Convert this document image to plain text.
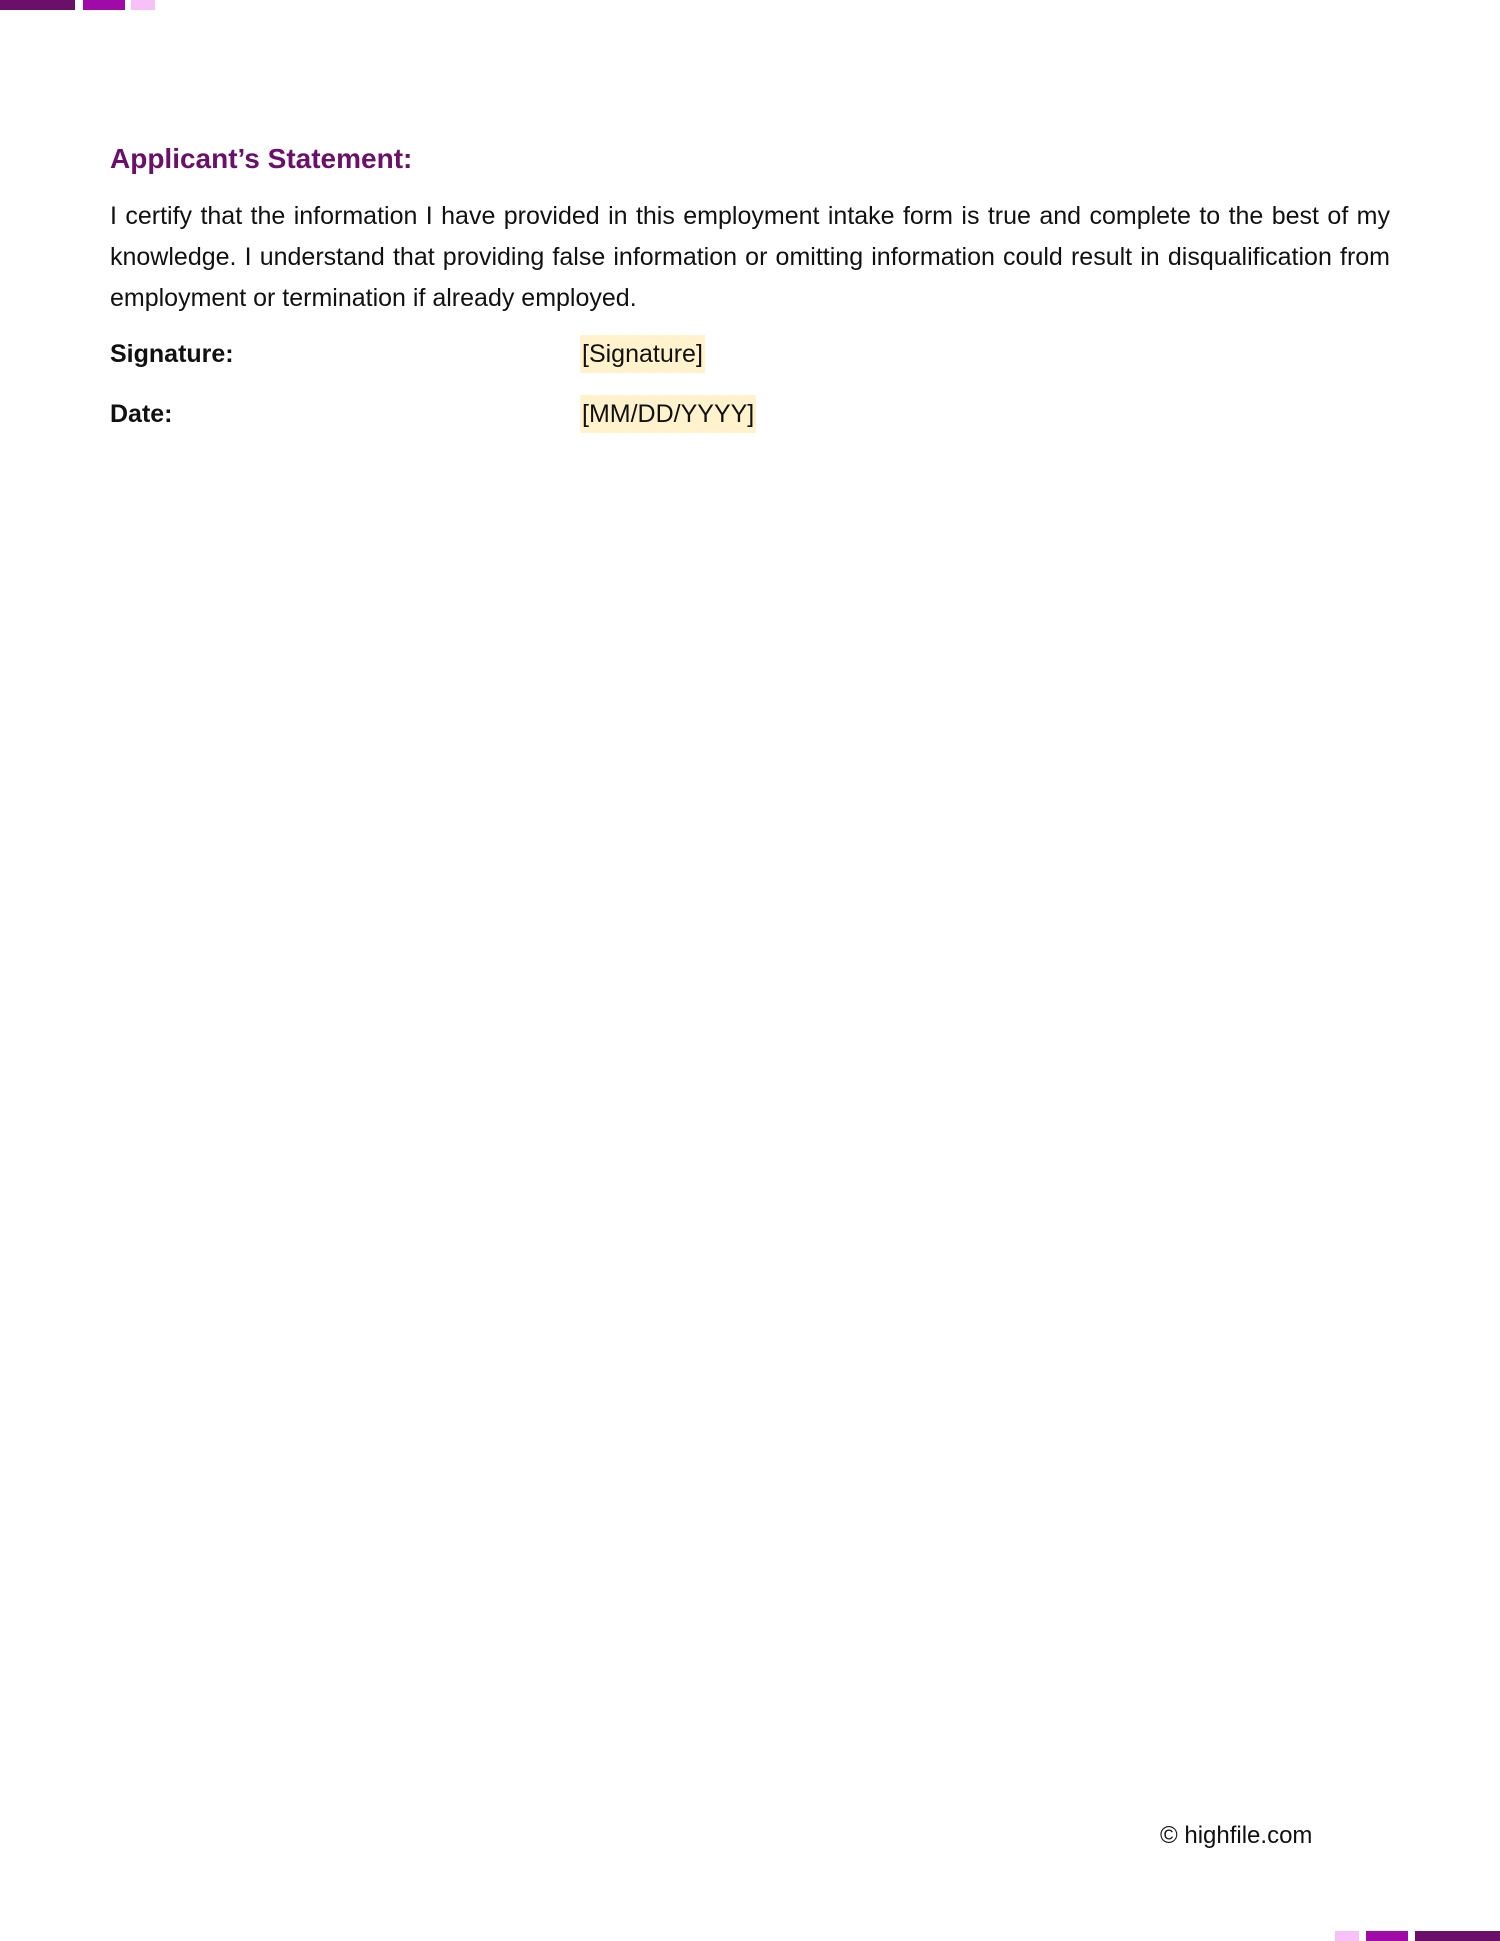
Applicant’s Statement:

I certify that the information I have provided in this employment intake form is true and complete to the best of my knowledge. I understand that providing false information or omitting information could result in disqualification from employment or termination if already employed.

Signature:	[Signature]
Date:	[MM/DD/YYYY]
© highfile.com
